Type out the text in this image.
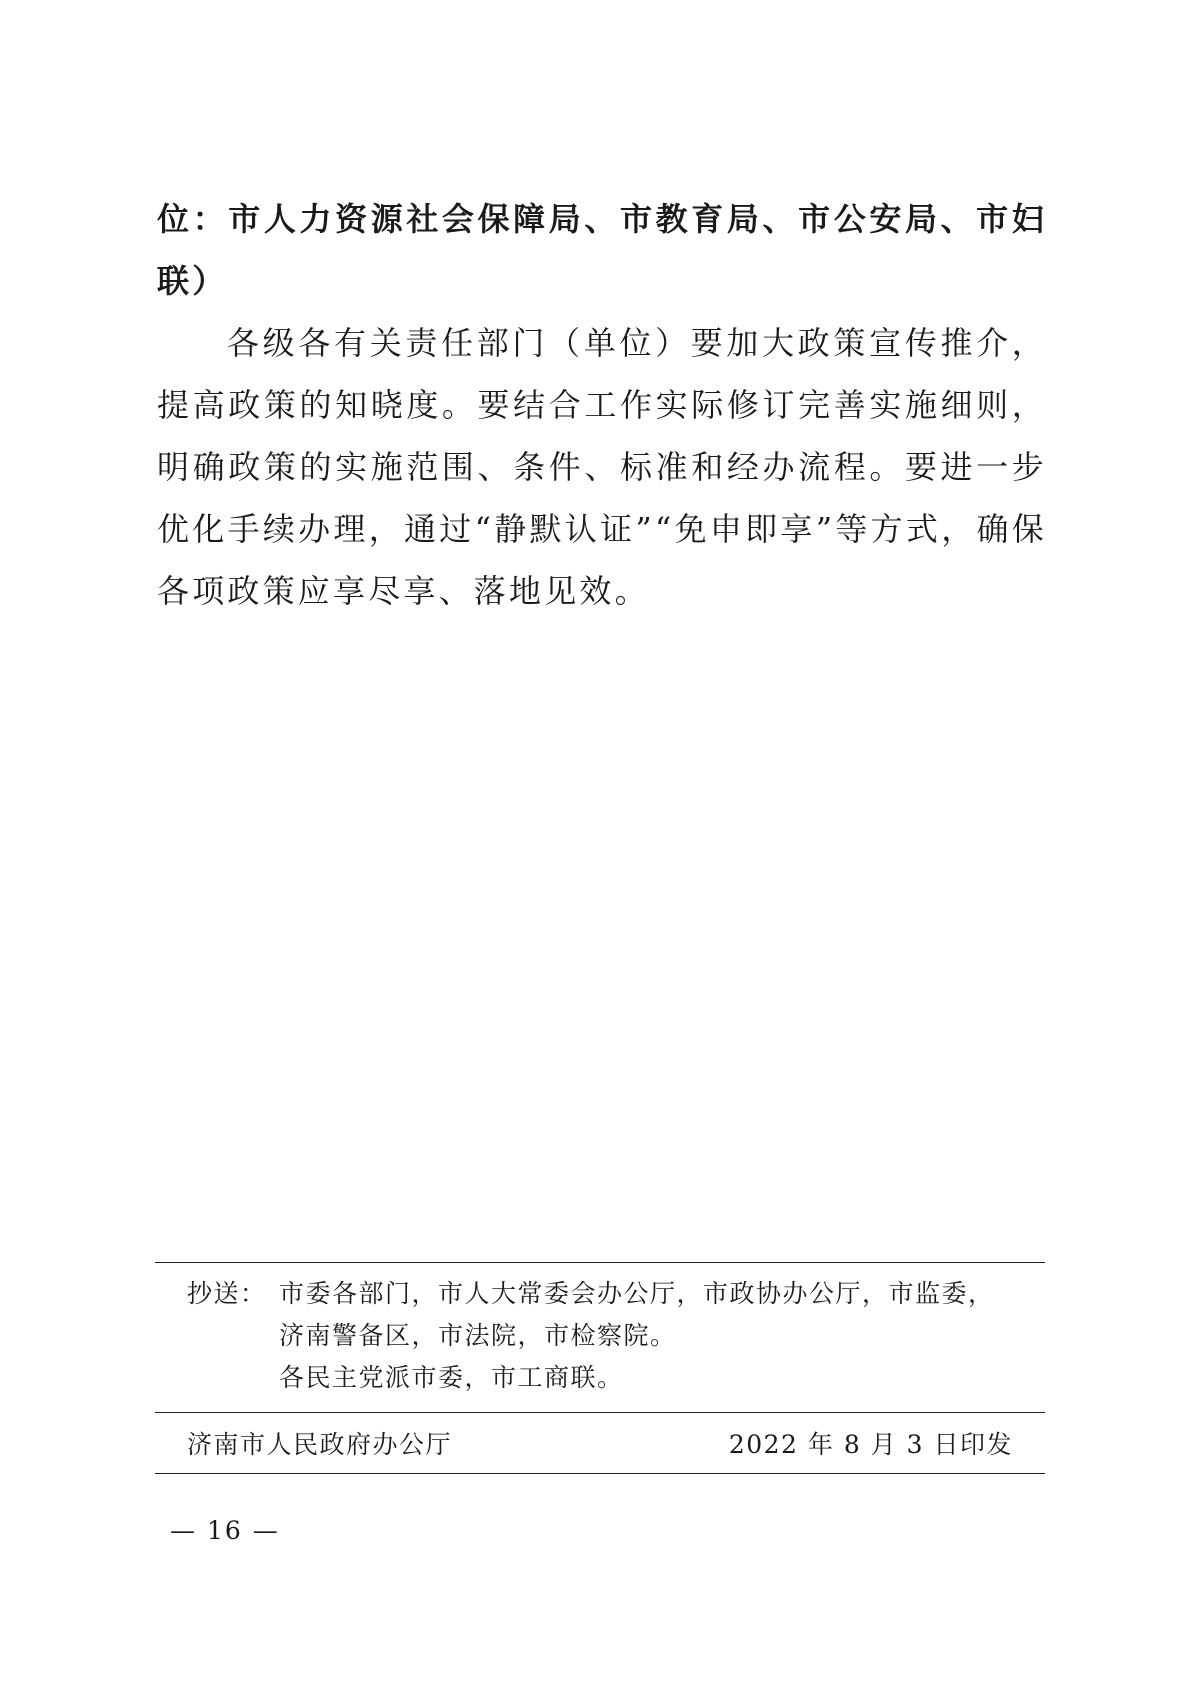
位：市人力资源社会保障局、市教育局、市公安局、市妇联）

各级各有关责任部门（单位）要加大政策宣传推介，提高政策的知晓度。要结合工作实际修订完善实施细则，明确政策的实施范围、条件、标准和经办流程。要进一步优化手续办理，通过“静默认证”“免申即享”等方式，确保各项政策应享尽享、落地见效。

抄送： 市委各部门，市人大常委会办公厅，市政协办公厅，市监委，济南警备区，市法院，市检察院。
各民主党派市委，市工商联。
济南市人民政府办公厅	2022 年 8 月 3 日印发
— 16 —
